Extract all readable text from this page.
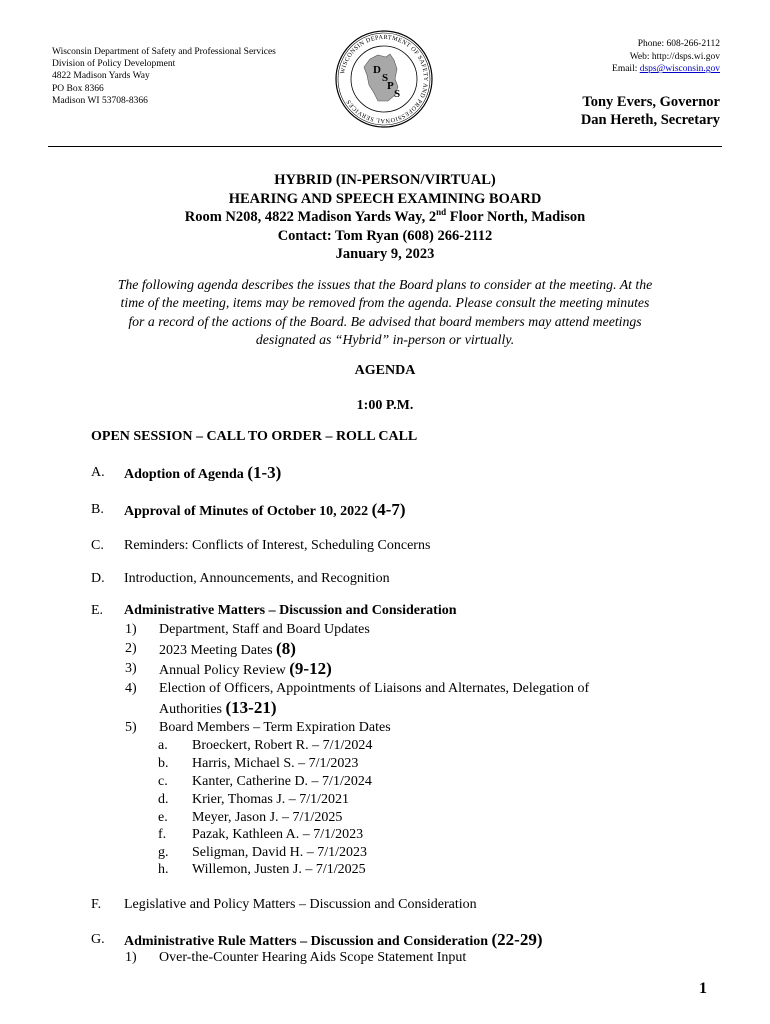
Wisconsin Department of Safety and Professional Services
Division of Policy Development
4822 Madison Yards Way
PO Box 8366
Madison WI 53708-8366
WISCONSIN DEPARTMENT OF SAFETY AND PROFESSIONAL SERVICES
D
S
P
S
Phone: 608-266-2112
Web: http://dsps.wi.gov
Email: dsps@wisconsin.gov
Tony Evers, Governor
Dan Hereth, Secretary
HYBRID (IN-PERSON/VIRTUAL)
HEARING AND SPEECH EXAMINING BOARD
Room N208, 4822 Madison Yards Way, 2nd Floor North, Madison
Contact: Tom Ryan (608) 266-2112
January 9, 2023
The following agenda describes the issues that the Board plans to consider at the meeting. At the
time of the meeting, items may be removed from the agenda. Please consult the meeting minutes
for a record of the actions of the Board. Be advised that board members may attend meetings
designated as “Hybrid” in-person or virtually.
AGENDA
1:00 P.M.
OPEN SESSION – CALL TO ORDER – ROLL CALL
A. Adoption of Agenda (1-3)
B. Approval of Minutes of October 10, 2022 (4-7)
C. Reminders: Conflicts of Interest, Scheduling Concerns
D. Introduction, Announcements, and Recognition
E. Administrative Matters – Discussion and Consideration
1) Department, Staff and Board Updates
2) 2023 Meeting Dates (8)
3) Annual Policy Review (9-12)
4) Election of Officers, Appointments of Liaisons and Alternates, Delegation of
Authorities (13-21)
5) Board Members – Term Expiration Dates
a. Broeckert, Robert R. – 7/1/2024
b. Harris, Michael S. – 7/1/2023
c. Kanter, Catherine D. – 7/1/2024
d. Krier, Thomas J. – 7/1/2021
e. Meyer, Jason J. – 7/1/2025
f. Pazak, Kathleen A. – 7/1/2023
g. Seligman, David H. – 7/1/2023
h. Willemon, Justen J. – 7/1/2025
F. Legislative and Policy Matters – Discussion and Consideration
G. Administrative Rule Matters – Discussion and Consideration (22-29)
1) Over-the-Counter Hearing Aids Scope Statement Input
1
